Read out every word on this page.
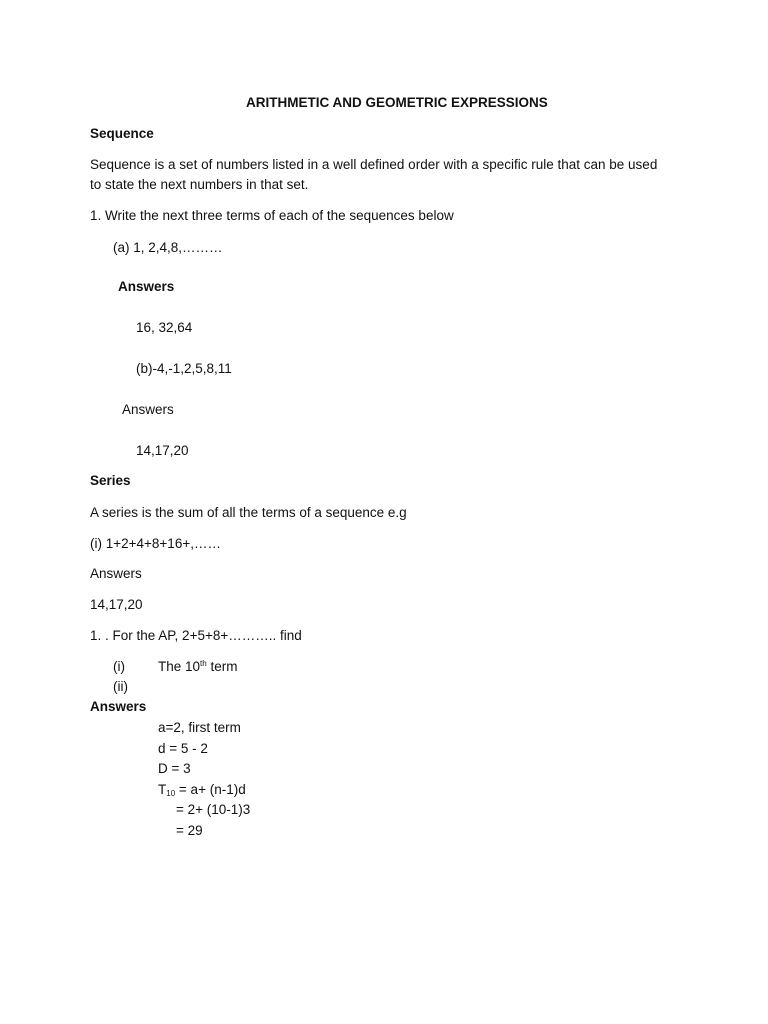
ARITHMETIC AND GEOMETRIC EXPRESSIONS
Sequence
Sequence is a set of numbers listed in a well defined order with a specific rule that can be used
to state the next numbers in that set.
1. Write the next three terms of each of the sequences below
(a) 1, 2,4,8,………
Answers
16, 32,64
(b)-4,-1,2,5,8,11
Answers
14,17,20
Series
A series is the sum of all the terms of a sequence e.g
(i) 1+2+4+8+16+,……
Answers
14,17,20
1. . For the AP, 2+5+8+……….. find
(i) The 10th term
(ii)
Answers
a=2, first term
d = 5 - 2
D = 3
$T_{10} = a+ (n-1)d$
= 2+ (10-1)3
= 29
